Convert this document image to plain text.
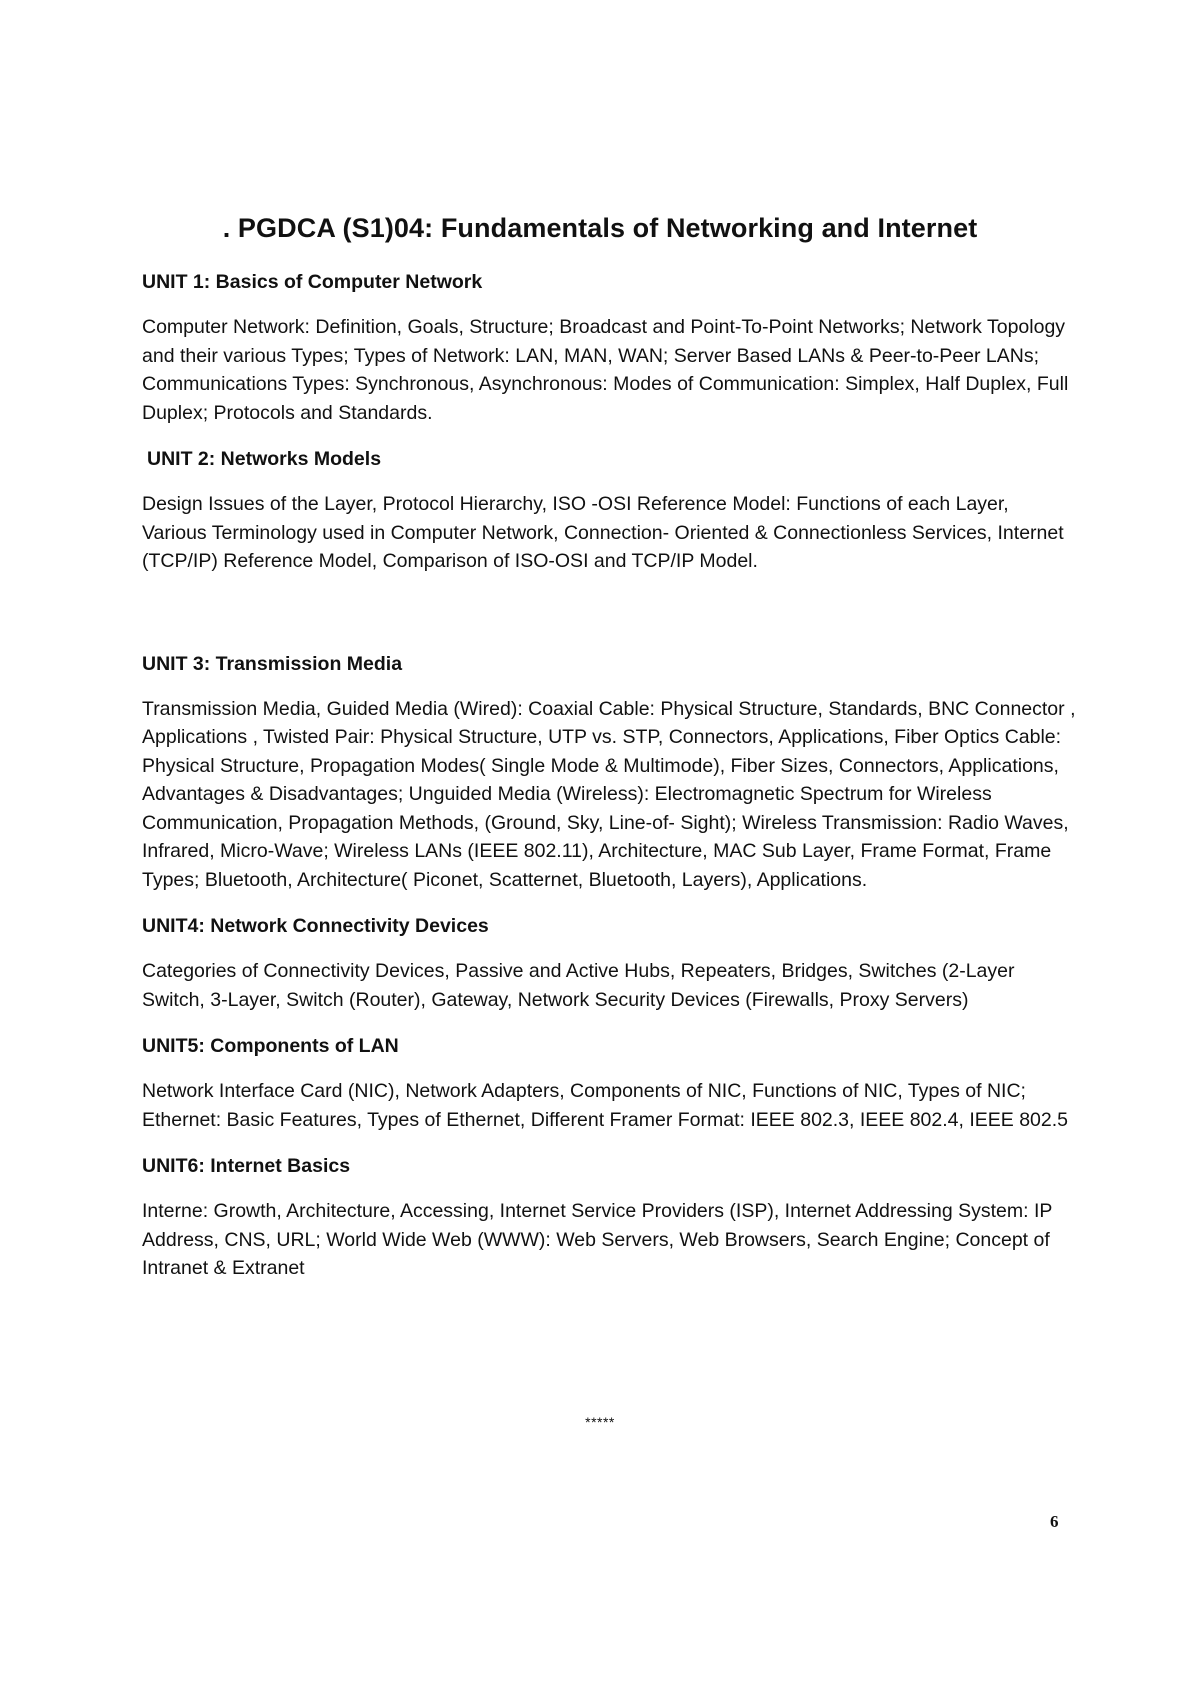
. PGDCA (S1)04: Fundamentals of Networking and Internet
UNIT 1: Basics of Computer Network

Computer Network: Definition, Goals, Structure; Broadcast and Point-To-Point Networks; Network Topology and their various Types; Types of Network: LAN, MAN, WAN; Server Based LANs & Peer-to-Peer LANs; Communications Types: Synchronous, Asynchronous: Modes of Communication: Simplex, Half Duplex, Full Duplex; Protocols and Standards.

UNIT 2: Networks Models

Design Issues of the Layer, Protocol Hierarchy, ISO -OSI Reference Model: Functions of each Layer, Various Terminology used in Computer Network, Connection- Oriented & Connectionless Services, Internet (TCP/IP) Reference Model, Comparison of ISO-OSI and TCP/IP Model.

UNIT 3: Transmission Media

Transmission Media, Guided Media (Wired): Coaxial Cable: Physical Structure, Standards, BNC Connector , Applications , Twisted Pair: Physical Structure, UTP vs. STP, Connectors, Applications, Fiber Optics Cable: Physical Structure, Propagation Modes( Single Mode & Multimode), Fiber Sizes, Connectors, Applications, Advantages & Disadvantages; Unguided Media (Wireless): Electromagnetic Spectrum for Wireless Communication, Propagation Methods, (Ground, Sky, Line-of- Sight); Wireless Transmission: Radio Waves, Infrared, Micro-Wave; Wireless LANs (IEEE 802.11), Architecture, MAC Sub Layer, Frame Format, Frame Types; Bluetooth, Architecture( Piconet, Scatternet, Bluetooth, Layers), Applications.

UNIT4: Network Connectivity Devices

Categories of Connectivity Devices, Passive and Active Hubs, Repeaters, Bridges, Switches (2-Layer Switch, 3-Layer, Switch (Router), Gateway, Network Security Devices (Firewalls, Proxy Servers)

UNIT5: Components of LAN

Network Interface Card (NIC), Network Adapters, Components of NIC, Functions of NIC, Types of NIC; Ethernet: Basic Features, Types of Ethernet, Different Framer Format: IEEE 802.3, IEEE 802.4, IEEE 802.5

UNIT6: Internet Basics

Interne: Growth, Architecture, Accessing, Internet Service Providers (ISP), Internet Addressing System: IP Address, CNS, URL; World Wide Web (WWW): Web Servers, Web Browsers, Search Engine; Concept of Intranet & Extranet

*****

6
